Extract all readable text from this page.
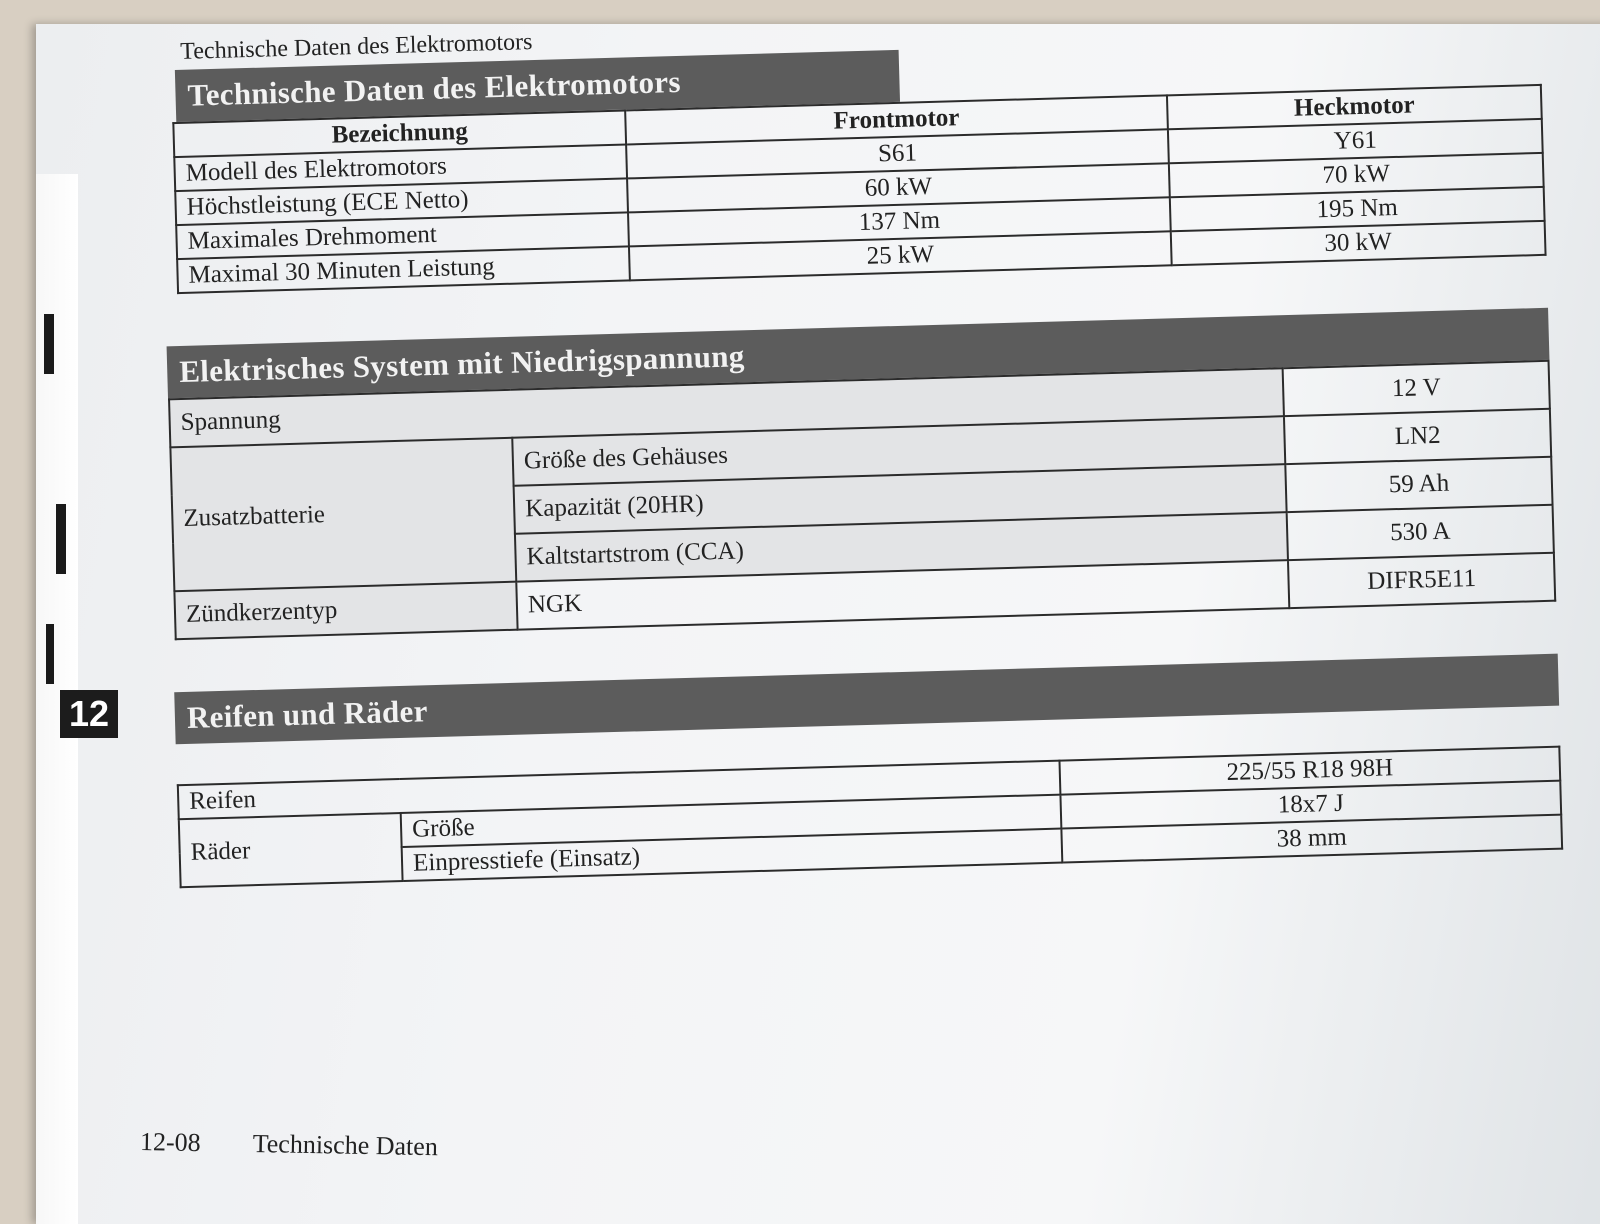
12
Technische Daten des Elektromotors
Technische Daten des Elektromotors
Bezeichnung	Frontmotor	Heckmotor
Modell des Elektromotors	S61	Y61
Höchstleistung (ECE Netto)	60 kW	70 kW
Maximales Drehmoment	137 Nm	195 Nm
Maximal 30 Minuten Leistung	25 kW	30 kW
Elektrisches System mit Niedrigspannung
Spannung		12 V
Zusatzbatterie	Größe des Gehäuses	LN2
	Kapazität (20HR)	59 Ah
	Kaltstartstrom (CCA)	530 A
Zündkerzentyp	NGK	DIFR5E11
Reifen und Räder
Reifen		225/55 R18 98H
Räder	Größe	18x7 J
	Einpresstiefe (Einsatz)	38 mm
12-08 Technische Daten
